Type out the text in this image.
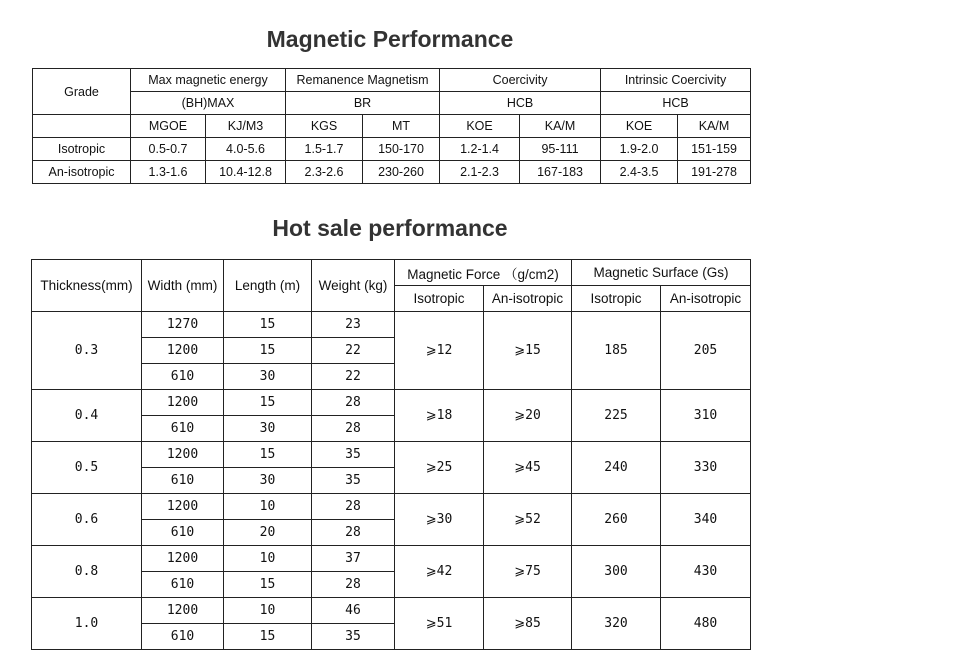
Magnetic Performance
Grade	Max magnetic energy		Remanence Magnetism		Coercivity		Intrinsic Coercivity	
	(BH)MAX		BR		HCB		HCB	
	MGOE	KJ/M3	KGS	MT	KOE	KA/M	KOE	KA/M
Isotropic	0.5-0.7	4.0-5.6	1.5-1.7	150-170	1.2-1.4	95-111	1.9-2.0	151-159
An-isotropic	1.3-1.6	10.4-12.8	2.3-2.6	230-260	2.1-2.3	167-183	2.4-3.5	191-278
Hot sale performance
Thickness(mm)	Width (mm)	Length (m)	Weight (kg)	Magnetic Force （g/cm2)		Magnetic Surface (Gs)	
				Isotropic	An-isotropic	Isotropic	An-isotropic
0.3	1270	15	23	⩾12	⩾15	185	205
	1200	15	22				
	610	30	22				
0.4	1200	15	28	⩾18	⩾20	225	310
	610	30	28				
0.5	1200	15	35	⩾25	⩾45	240	330
	610	30	35				
0.6	1200	10	28	⩾30	⩾52	260	340
	610	20	28				
0.8	1200	10	37	⩾42	⩾75	300	430
	610	15	28				
1.0	1200	10	46	⩾51	⩾85	320	480
	610	15	35				
